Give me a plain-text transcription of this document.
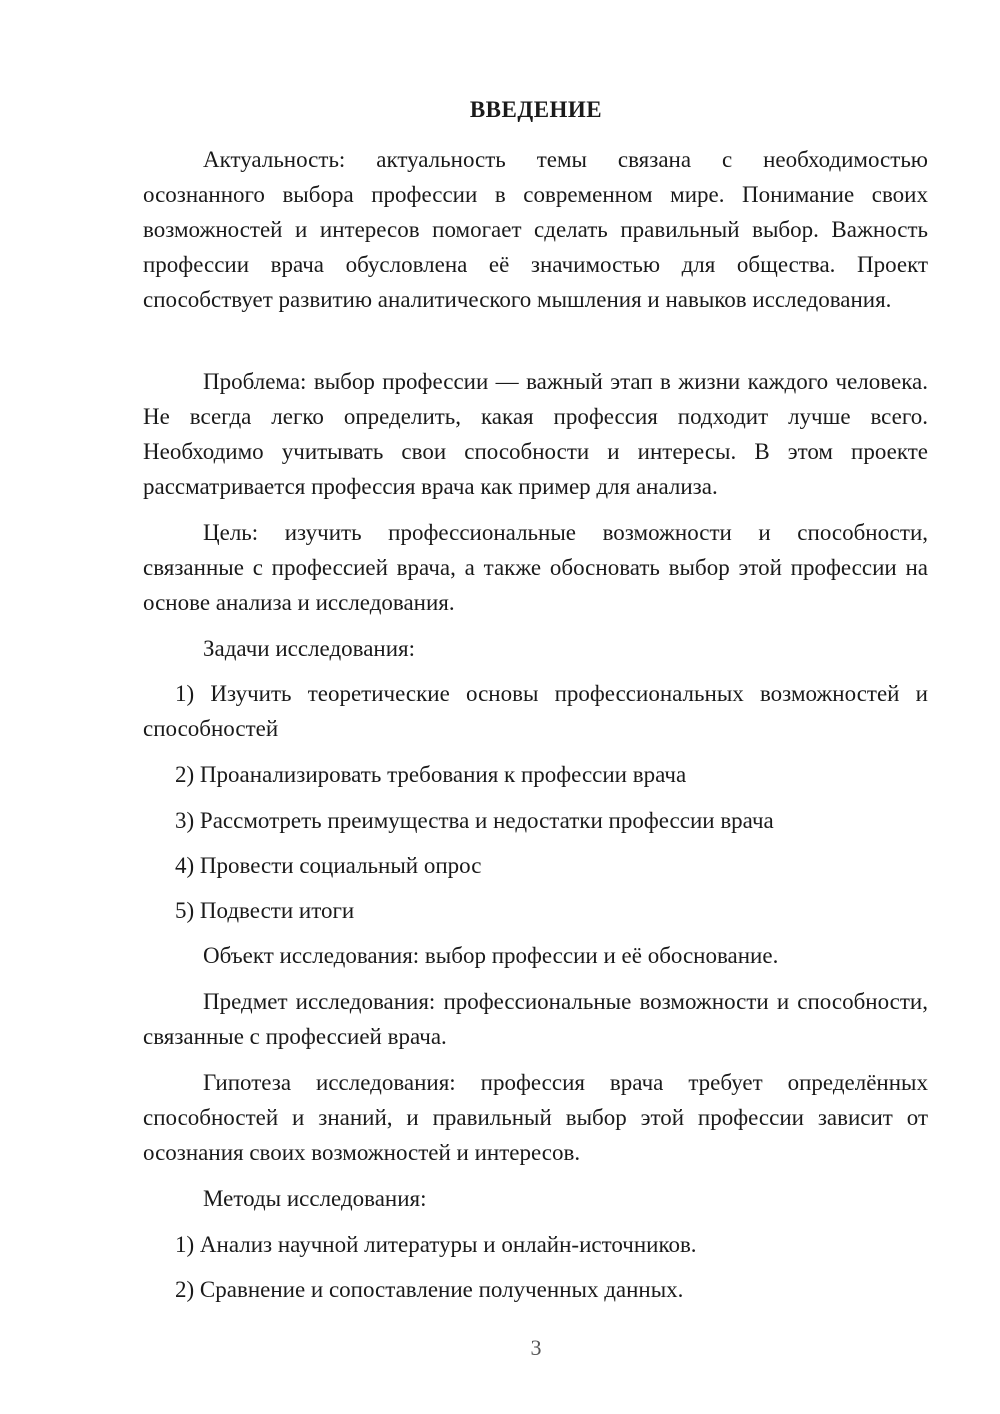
ВВЕДЕНИЕ

Актуальность: актуальность темы связана с необходимостью осознанного выбора профессии в современном мире. Понимание своих возможностей и интересов помогает сделать правильный выбор. Важность профессии врача обусловлена её значимостью для общества. Проект способствует развитию аналитического мышления и навыков исследования.

Проблема: выбор профессии — важный этап в жизни каждого человека. Не всегда легко определить, какая профессия подходит лучше всего. Необходимо учитывать свои способности и интересы. В этом проекте рассматривается профессия врача как пример для анализа.

Цель: изучить профессиональные возможности и способности, связанные с профессией врача, а также обосновать выбор этой профессии на основе анализа и исследования.

Задачи исследования:

1) Изучить теоретические основы профессиональных возможностей и способностей

2) Проанализировать требования к профессии врача

3) Рассмотреть преимущества и недостатки профессии врача

4) Провести социальный опрос

5) Подвести итоги

Объект исследования: выбор профессии и её обоснование.

Предмет исследования: профессиональные возможности и способности, связанные с профессией врача.

Гипотеза исследования: профессия врача требует определённых способностей и знаний, и правильный выбор этой профессии зависит от осознания своих возможностей и интересов.

Методы исследования:

1) Анализ научной литературы и онлайн-источников.

2) Сравнение и сопоставление полученных данных.

3
